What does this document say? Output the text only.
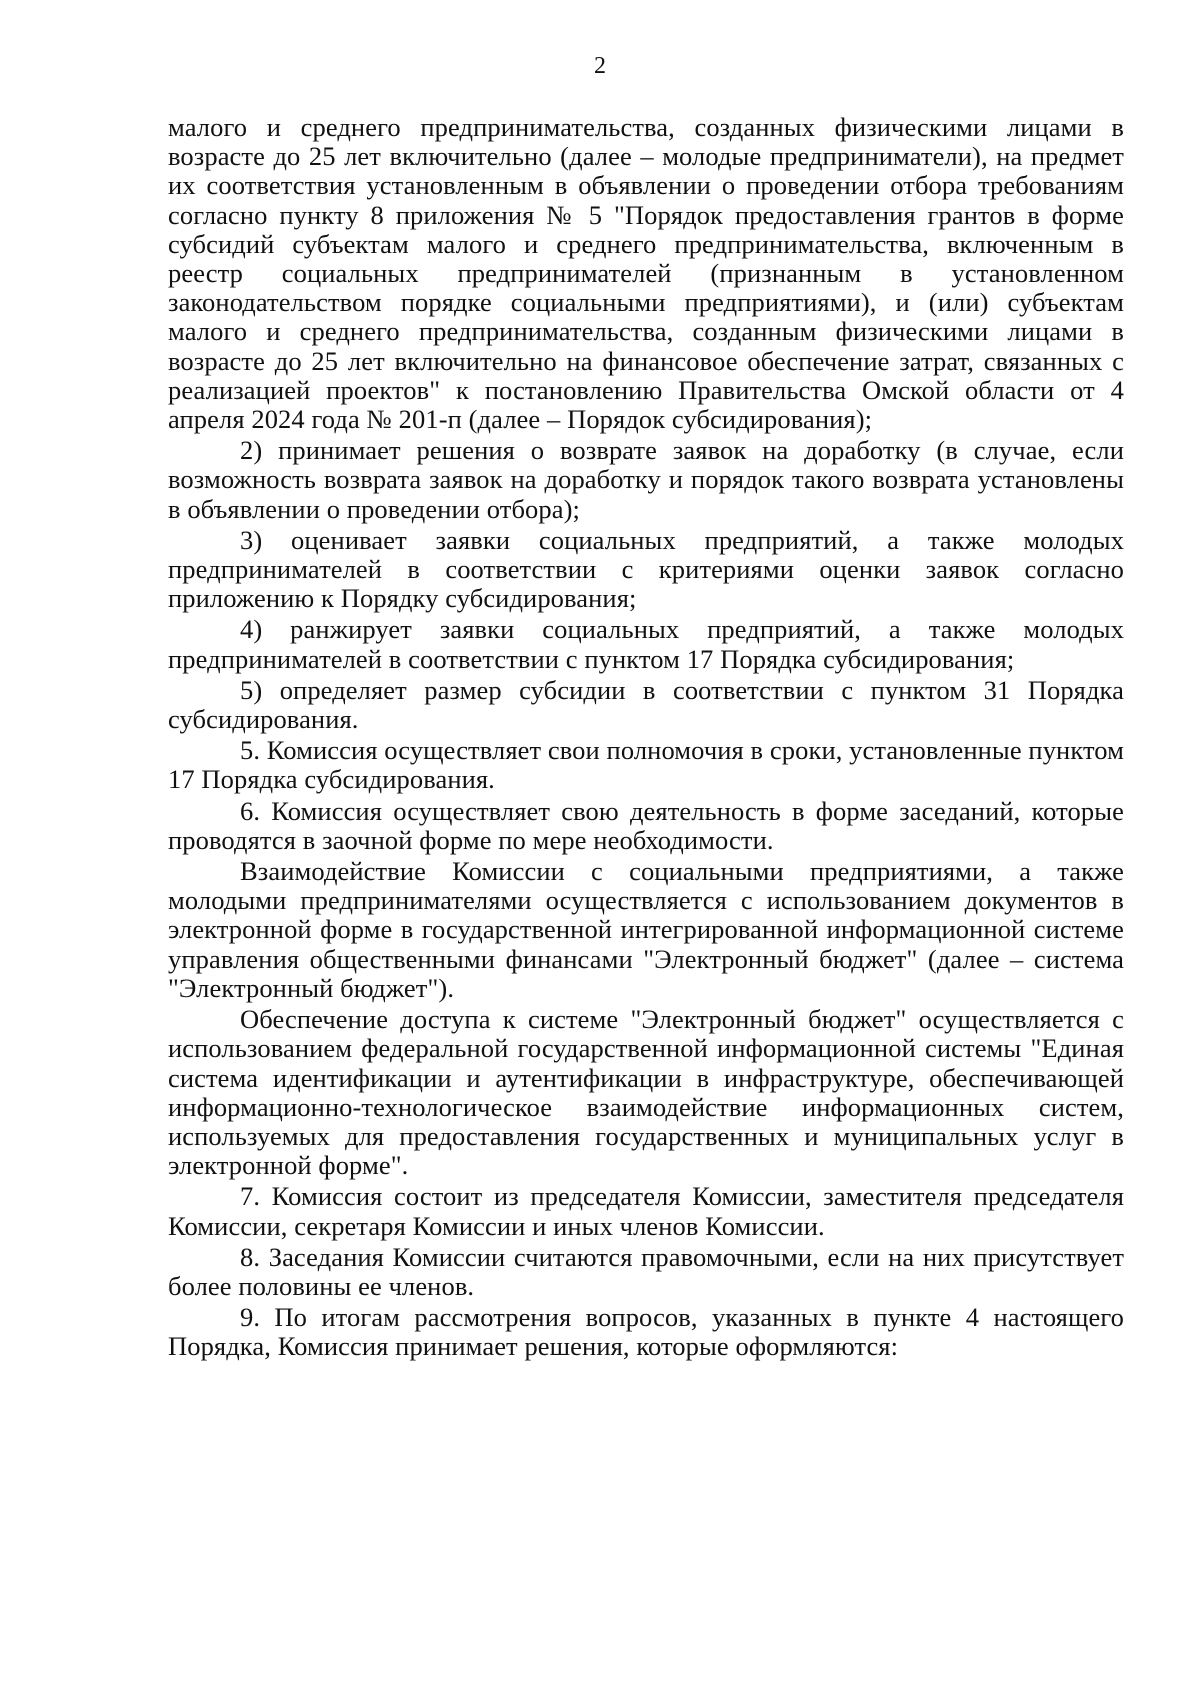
2

малого и среднего предпринимательства, созданных физическими лицами в возрасте до 25 лет включительно (далее – молодые предприниматели), на предмет их соответствия установленным в объявлении о проведении отбора требованиям согласно пункту 8 приложения № 5 "Порядок предоставления грантов в форме субсидий субъектам малого и среднего предпринимательства, включенным в реестр социальных предпринимателей (признанным в установленном законодательством порядке социальными предприятиями), и (или) субъектам малого и среднего предпринимательства, созданным физическими лицами в возрасте до 25 лет включительно на финансовое обеспечение затрат, связанных с реализацией проектов" к постановлению Правительства Омской области от 4 апреля 2024 года № 201-п (далее – Порядок субсидирования);

2) принимает решения о возврате заявок на доработку (в случае, если возможность возврата заявок на доработку и порядок такого возврата установлены в объявлении о проведении отбора);

3) оценивает заявки социальных предприятий, а также молодых предпринимателей в соответствии с критериями оценки заявок согласно приложению к Порядку субсидирования;

4) ранжирует заявки социальных предприятий, а также молодых предпринимателей в соответствии с пунктом 17 Порядка субсидирования;

5) определяет размер субсидии в соответствии с пунктом 31 Порядка субсидирования.

5. Комиссия осуществляет свои полномочия в сроки, установленные пунктом 17 Порядка субсидирования.

6. Комиссия осуществляет свою деятельность в форме заседаний, которые проводятся в заочной форме по мере необходимости.

Взаимодействие Комиссии с социальными предприятиями, а также молодыми предпринимателями осуществляется с использованием документов в электронной форме в государственной интегрированной информационной системе управления общественными финансами "Электронный бюджет" (далее – система "Электронный бюджет").

Обеспечение доступа к системе "Электронный бюджет" осуществляется с использованием федеральной государственной информационной системы "Единая система идентификации и аутентификации в инфраструктуре, обеспечивающей информационно-технологическое взаимодействие информационных систем, используемых для предоставления государственных и муниципальных услуг в электронной форме".

7. Комиссия состоит из председателя Комиссии, заместителя председателя Комиссии, секретаря Комиссии и иных членов Комиссии.

8. Заседания Комиссии считаются правомочными, если на них присутствует более половины ее членов.

9. По итогам рассмотрения вопросов, указанных в пункте 4 настоящего Порядка, Комиссия принимает решения, которые оформляются:
